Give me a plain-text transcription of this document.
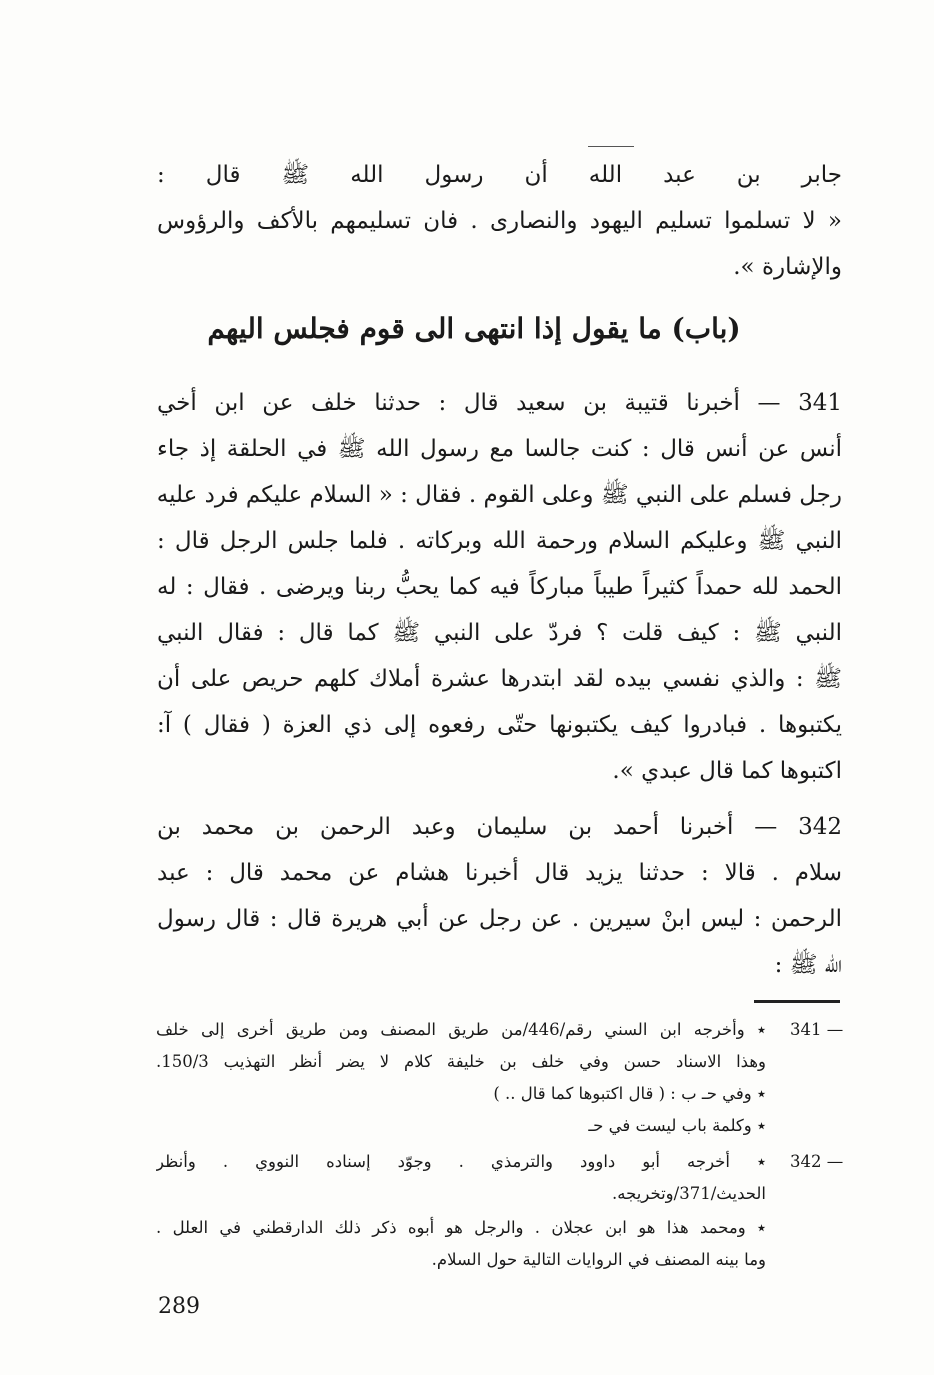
جابر بن عبد الله أن رسول الله ﷺ قال :
« لا تسلموا تسليم اليهود والنصارى . فان تسليمهم بالأكف والرؤوس
والإشارة ».
(باب) ما يقول إذا انتهى الى قوم فجلس اليهم
341 — أخبرنا قتيبة بن سعيد قال : حدثنا خلف عن ابن أخي
أنس عن أنس قال : كنت جالسا مع رسول الله ﷺ في الحلقة إذ جاء
رجل فسلم على النبي ﷺ وعلى القوم . فقال : « السلام عليكم فرد عليه
النبي ﷺ وعليكم السلام ورحمة الله وبركاته . فلما جلس الرجل قال :
الحمد لله حمداً كثيراً طيباً مباركاً فيه كما يحبُّ ربنا ويرضى . فقال : له
النبي ﷺ : كيف قلت ؟ فردّ على النبي ﷺ كما قال : فقال النبي
ﷺ : والذي نفسي بيده لقد ابتدرها عشرة أملاك كلهم حريص على أن
يكتبوها . فبادروا كيف يكتبونها حتّى رفعوه إلى ذي العزة ( فقال ) آ:
اكتبوها كما قال عبدي ».
342 — أخبرنا أحمد بن سليمان وعبد الرحمن بن محمد بن
سلام . قالا : حدثنا يزيد قال أخبرنا هشام عن محمد قال : عبد
الرحمن : ليس ابنْ سيرين . عن رجل عن أبي هريرة قال : قال رسول
الله ﷺ :
341 —
٭ وأخرجه ابن السني رقم/446/من طريق المصنف ومن طريق أخرى إلى خلف
وهذا الاسناد حسن وفي خلف بن خليفة كلام لا يضر أنظر التهذيب 150/3.
٭ وفي حـ ب : ( قال اكتبوها كما قال .. )
٭ وكلمة باب ليست في حـ
342 —
٭ أخرجه أبو داوود والترمذي . وجوّد إسناده النووي . وأنظر
الحديث/371/وتخريجه.
٭ ومحمد هذا هو ابن عجلان . والرجل هو أبوه ذكر ذلك الدارقطني في العلل .
وما بينه المصنف في الروايات التالية حول السلام.
289
